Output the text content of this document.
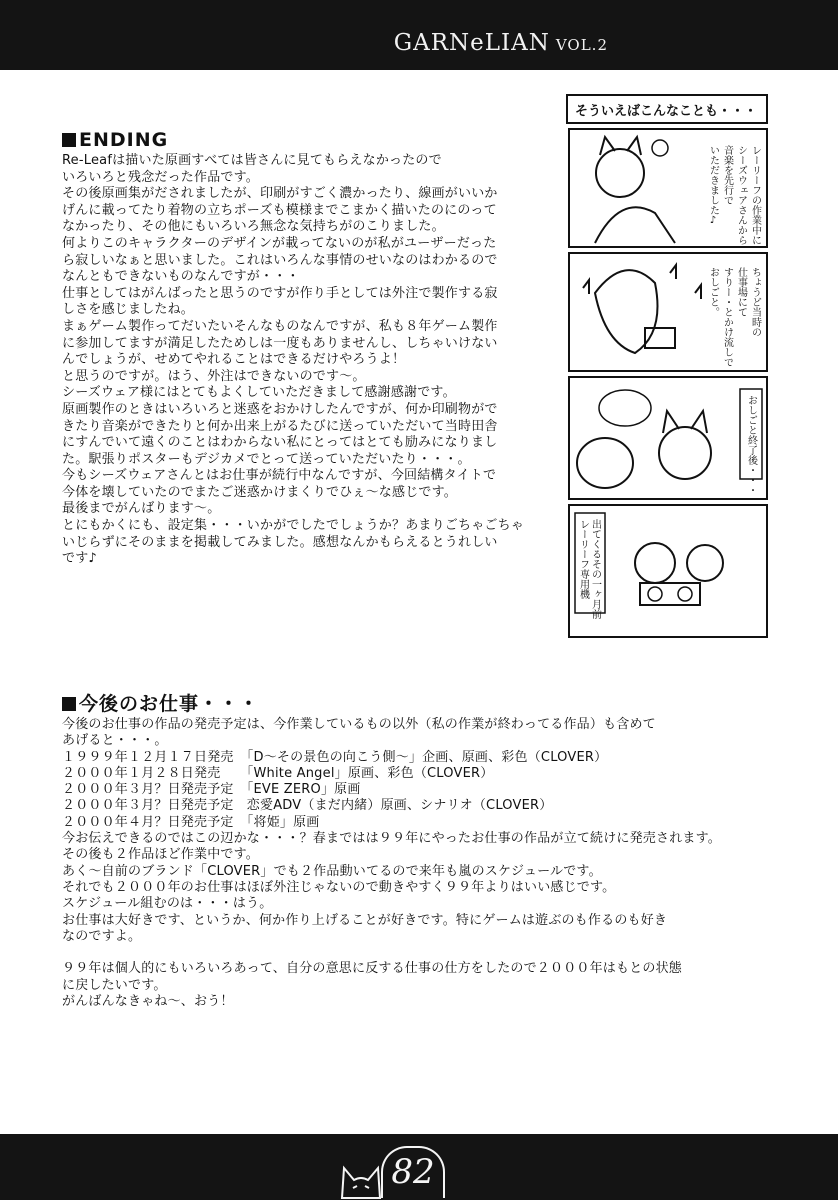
GARNeLIAN VOL.2
ENDING

Re-Leafは描いた原画すべては皆さんに見てもらえなかったので

いろいろと残念だった作品です。

その後原画集がだされましたが、印刷がすごく濃かったり、線画がいいか

げんに載ってたり着物の立ちポーズも模様までこまかく描いたのにのって

なかったり、その他にもいろいろ無念な気持ちがのこりました。

何よりこのキャラクターのデザインが載ってないのが私がユーザーだった

ら寂しいなぁと思いました。これはいろんな事情のせいなのはわかるので

なんともできないものなんですが・・・

仕事としてはがんばったと思うのですが作り手としては外注で製作する寂

しさを感じましたね。

まぁゲーム製作ってだいたいそんなものなんですが、私も８年ゲーム製作

に参加してますが満足したためしは一度もありませんし、しちゃいけない

んでしょうが、せめてやれることはできるだけやろうよ！

と思うのですが。はう、外注はできないのです～。

シーズウェア様にはとてもよくしていただきまして感謝感謝です。

原画製作のときはいろいろと迷惑をおかけしたんですが、何か印刷物がで

きたり音楽ができたりと何か出来上がるたびに送っていただいて当時田舎

にすんでいて遠くのことはわからない私にとってはとても励みになりまし

た。駅張りポスターもデジカメでとって送っていただいたり・・・。

今もシーズウェアさんとはお仕事が続行中なんですが、今回結構タイトで

今体を壊していたのでまたご迷惑かけまくりでひぇ～な感じです。

最後までがんばります～。

とにもかくにも、設定集・・・いかがでしたでしょうか？あまりごちゃごちゃ

いじらずにそのままを掲載してみました。感想なんかもらえるとうれしい

です♪

そういえばこんなことも・・・
レーリーフの作業中に
シーズウェアさんから
音楽を先行で
いただきました♪
ちょうど当時の
仕事場にて
すりー・とかけ流しで
おしごと。
おしごと終了後・・・
出てくるその一ヶ月前
レーリーフ専用機
今後のお仕事・・・

今後のお仕事の作品の発売予定は、今作業しているもの以外（私の作業が終わってる作品）も含めて

あげると・・・。

１９９９年１２月１７日発売　「D～その景色の向こう側～」企画、原画、彩色（CLOVER）

２０００年１月２８日発売　　「White Angel」原画、彩色（CLOVER）

２０００年３月？日発売予定　「EVE ZERO」原画

２０００年３月？日発売予定　恋愛ADV（まだ内緒）原画、シナリオ（CLOVER）

２０００年４月？日発売予定　「将姫」原画

今お伝えできるのではこの辺かな・・・？春まではは９９年にやったお仕事の作品が立て続けに発売されます。

その後も２作品ほど作業中です。

あく～自前のブランド「CLOVER」でも２作品動いてるので来年も嵐のスケジュールです。

それでも２０００年のお仕事はほぼ外注じゃないので動きやすく９９年よりはいい感じです。

スケジュール組むのは・・・はう。

お仕事は大好きです、というか、何か作り上げることが好きです。特にゲームは遊ぶのも作るのも好き

なのですよ。

９９年は個人的にもいろいろあって、自分の意思に反する仕事の仕方をしたので２０００年はもとの状態

に戻したいです。

がんばんなきゃね～、おう！

82
